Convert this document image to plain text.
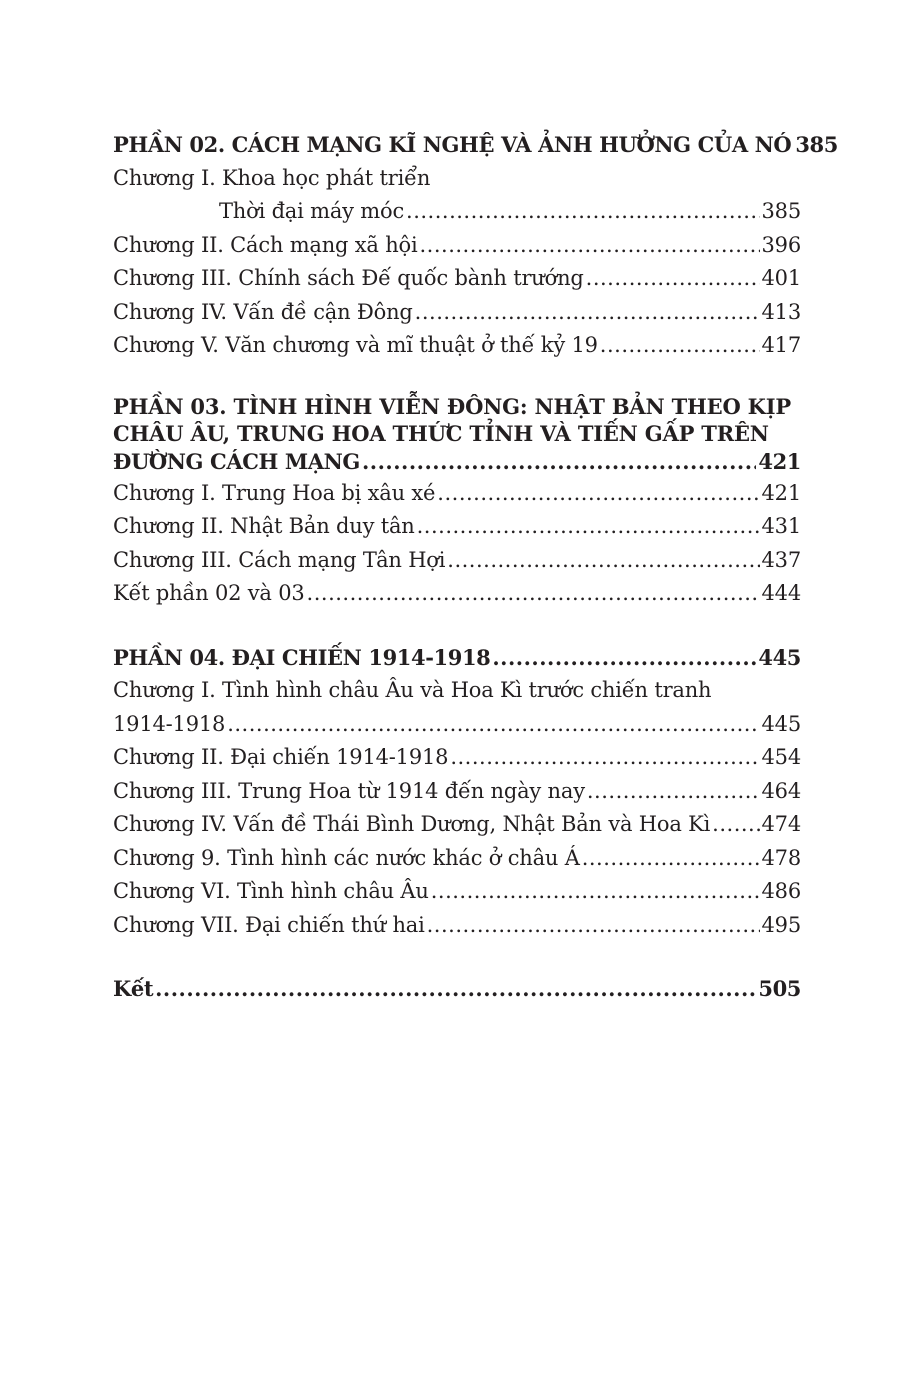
PHẦN 02. CÁCH MẠNG KĨ NGHỆ VÀ ẢNH HƯỞNG CỦA NÓ 385
Chương I. Khoa học phát triển
Thời đại máy móc .....	385
Chương II. Cách mạng xã hội .....	396
Chương III. Chính sách Đế quốc bành trướng .....	401
Chương IV. Vấn đề cận Đông .....	413
Chương V. Văn chương và mĩ thuật ở thế kỷ 19 .....	417
PHẦN 03. TÌNH HÌNH VIỄN ĐÔNG: NHẬT BẢN THEO KỊP
CHÂU ÂU, TRUNG HOA THỨC TỈNH VÀ TIẾN GẤP TRÊN
ĐƯỜNG CÁCH MẠNG .....	421
Chương I. Trung Hoa bị xâu xé .....	421
Chương II. Nhật Bản duy tân .....	431
Chương III. Cách mạng Tân Hợi .....	437
Kết phần 02 và 03 .....	444
PHẦN 04. ĐẠI CHIẾN 1914-1918 .....	445
Chương I. Tình hình châu Âu và Hoa Kì trước chiến tranh
1914-1918 .....	445
Chương II. Đại chiến 1914-1918 .....	454
Chương III. Trung Hoa từ 1914 đến ngày nay .....	464
Chương IV. Vấn đề Thái Bình Dương, Nhật Bản và Hoa Kì ..... 474
Chương 9. Tình hình các nước khác ở châu Á .....	478
Chương VI. Tình hình châu Âu .....	486
Chương VII. Đại chiến thứ hai .....	495
Kết .....	505
